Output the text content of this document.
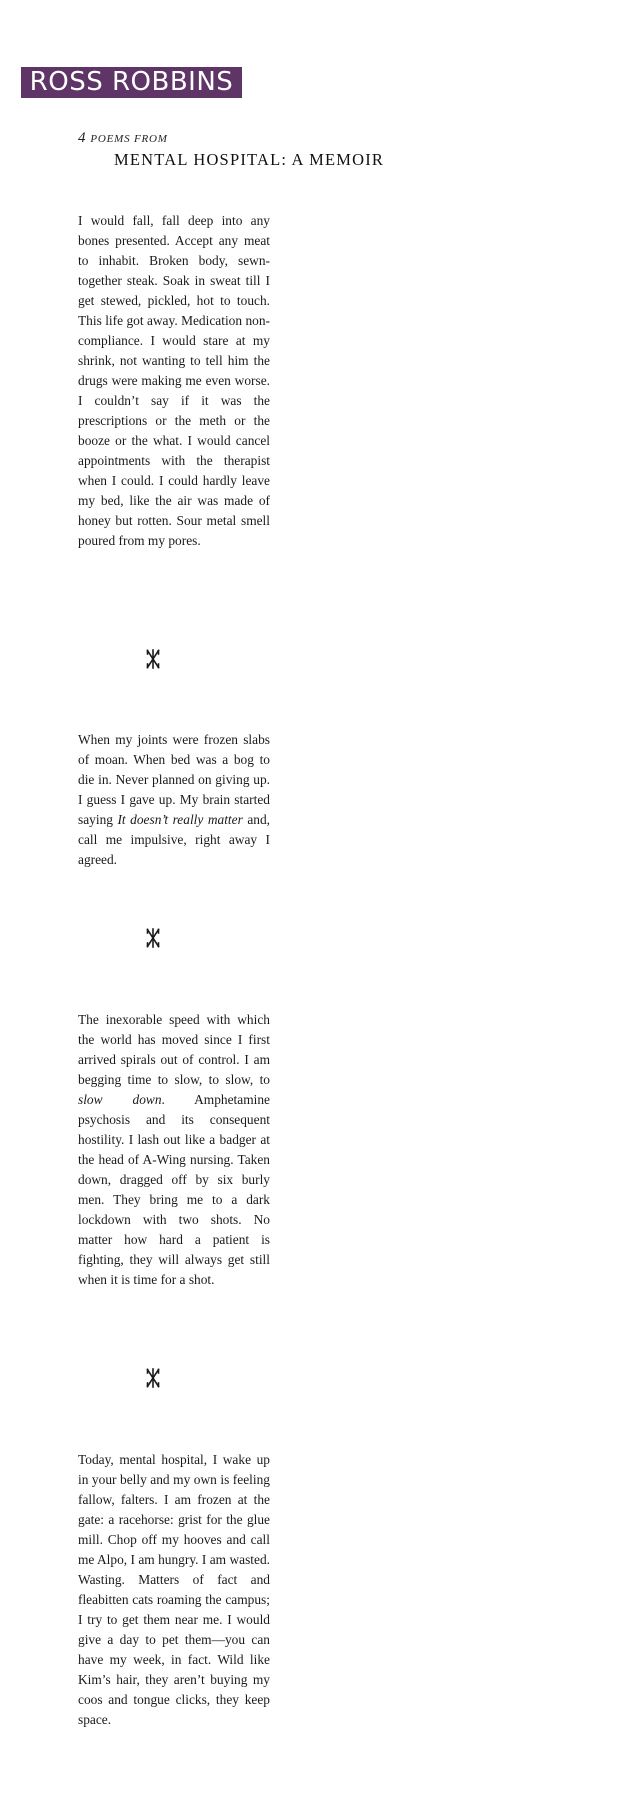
ROSS ROBBINS
4 POEMS FROM
MENTAL HOSPITAL: A MEMOIR

I would fall, fall deep into any bones presented. Accept any meat to inhabit. Broken body, sewn-together steak. Soak in sweat till I get stewed, pickled, hot to touch. This life got away. Medication non-compliance. I would stare at my shrink, not wanting to tell him the drugs were making me even worse. I couldn’t say if it was the prescriptions or the meth or the booze or the what. I would cancel appointments with the therapist when I could. I could hardly leave my bed, like the air was made of honey but rotten. Sour metal smell poured from my pores.

When my joints were frozen slabs of moan. When bed was a bog to die in. Never planned on giving up. I guess I gave up. My brain started saying It doesn’t really matter and, call me impulsive, right away I agreed.

The inexorable speed with which the world has moved since I first arrived spirals out of control. I am begging time to slow, to slow, to slow down. Amphetamine psychosis and its consequent hostility. I lash out like a badger at the head of A-Wing nursing. Taken down, dragged off by six burly men. They bring me to a dark lockdown with two shots. No matter how hard a patient is fighting, they will always get still when it is time for a shot.

Today, mental hospital, I wake up in your belly and my own is feeling fallow, falters. I am frozen at the gate: a racehorse: grist for the glue mill. Chop off my hooves and call me Alpo, I am hungry. I am wasted. Wasting. Matters of fact and fleabitten cats roaming the campus; I try to get them near me. I would give a day to pet them—you can have my week, in fact. Wild like Kim’s hair, they aren’t buying my coos and tongue clicks, they keep space.
